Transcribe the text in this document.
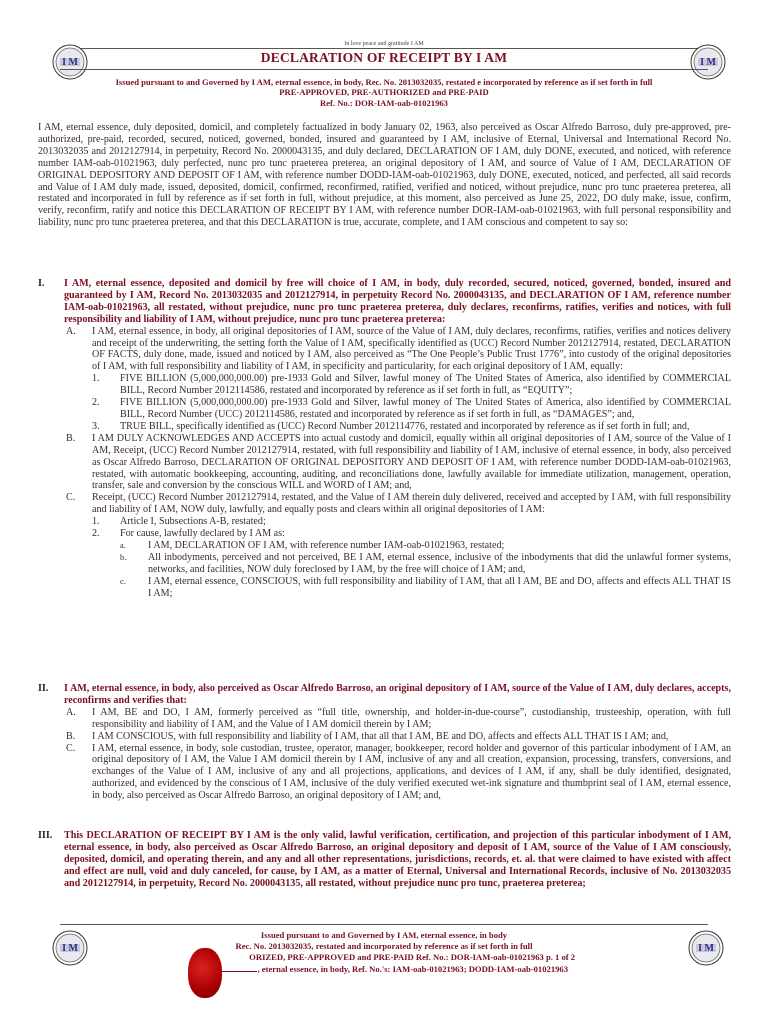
In love peace and gratitude I AM
I M	I M
DECLARATION OF RECEIPT BY I AM
Issued pursuant to and Governed by I AM, eternal essence, in body, Rec. No. 2013032035, restated e incorporated by reference as if set forth in full
PRE-APPROVED, PRE-AUTHORIZED and PRE-PAID
Ref. No.: DOR-IAM-oab-01021963
I AM, eternal essence, duly deposited, domicil, and completely factualized in body January 02, 1963, also perceived as Oscar Alfredo Barroso, duly pre-approved, pre-authorized, pre-paid, recorded, secured, noticed, governed, bonded, insured and guaranteed by I AM, inclusive of Eternal, Universal and International Record No. 2013032035 and 2012127914, in perpetuity, Record No. 2000043135, and duly declared, DECLARATION OF I AM, duly DONE, executed, and noticed, with reference number IAM-oab-01021963, duly perfected, nunc pro tunc praeterea preterea, an original depository of I AM, and source of Value of I AM, DECLARATION OF ORIGINAL DEPOSITORY AND DEPOSIT OF I AM, with reference number DODD-IAM-oab-01021963, duly DONE, executed, noticed, and perfected, all said records and Value of I AM duly made, issued, deposited, domicil, confirmed, reconfirmed, ratified, verified and noticed, without prejudice, nunc pro tunc praeterea preterea, all restated and incorporated in full by reference as if set forth in full, without prejudice, at this moment, also perceived as June 25, 2022, DO duly make, issue, confirm, verify, reconfirm, ratify and notice this DECLARATION OF RECEIPT BY I AM, with reference number DOR-IAM-oab-01021963, with full personal responsibility and liability, nunc pro tunc praeterea preterea, and that this DECLARATION is true, accurate, complete, and I AM conscious and competent to say so:
I. I AM, eternal essence, deposited and domicil by free will choice of I AM, in body, duly recorded, secured, noticed, governed, bonded, insured and guaranteed by I AM, Record No. 2013032035 and 2012127914, in perpetuity Record No. 2000043135, and DECLARATION OF I AM, reference number IAM-oab-01021963, all restated, without prejudice, nunc pro tunc praeterea preterea, duly declares, reconfirms, ratifies, verifies and notices, with full responsibility and liability of I AM, without prejudice, nunc pro tunc praeterea preterea:
A. I AM, eternal essence, in body, all original depositories of I AM, source of the Value of I AM, duly declares, reconfirms, ratifies, verifies and notices delivery and receipt of the underwriting, the setting forth the Value of I AM, specifically identified as (UCC) Record Number 2012127914, restated, DECLARATION OF FACTS, duly done, made, issued and noticed by I AM, also perceived as “The One People’s Public Trust 1776”, into custody of the original depositories of I AM, with full responsibility and liability of I AM, in specificity and particularity, for each original depository of I AM, equally:
1. FIVE BILLION (5,000,000,000.00) pre-1933 Gold and Silver, lawful money of The United States of America, also identified by COMMERCIAL BILL, Record Number 2012114586, restated and incorporated by reference as if set forth in full, as “EQUITY”;
2. FIVE BILLION (5,000,000,000.00) pre-1933 Gold and Silver, lawful money of The United States of America, also identified by COMMERCIAL BILL, Record Number (UCC) 2012114586, restated and incorporated by reference as if set forth in full, as “DAMAGES”; and,
3. TRUE BILL, specifically identified as (UCC) Record Number 2012114776, restated and incorporated by reference as if set forth in full; and,
B. I AM DULY ACKNOWLEDGES AND ACCEPTS into actual custody and domicil, equally within all original depositories of I AM, source of the Value of I AM, Receipt, (UCC) Record Number 2012127914, restated, with full responsibility and liability of I AM, inclusive of eternal essence, in body, also perceived as Oscar Alfredo Barroso, DECLARATION OF ORIGINAL DEPOSITORY AND DEPOSIT OF I AM, with reference number DODD-IAM-oab-01021963, restated, with automatic bookkeeping, accounting, auditing, and reconciliations done, lawfully available for immediate utilization, management, operation, transfer, sale and conversion by the conscious WILL and WORD of I AM; and,
C. Receipt, (UCC) Record Number 2012127914, restated, and the Value of I AM therein duly delivered, received and accepted by I AM, with full responsibility and liability of I AM, NOW duly, lawfully, and equally posts and clears within all original depositories of I AM:
1. Article I, Subsections A-B, restated;
2. For cause, lawfully declared by I AM as:
a. I AM, DECLARATION OF I AM, with reference number IAM-oab-01021963, restated;
b. All inbodyments, perceived and not perceived, BE I AM, eternal essence, inclusive of the inbodyments that did the unlawful former systems, networks, and facilities, NOW duly foreclosed by I AM, by the free will choice of I AM; and,
c. I AM, eternal essence, CONSCIOUS, with full responsibility and liability of I AM, that all I AM, BE and DO, affects and effects ALL THAT IS I AM;
II. I AM, eternal essence, in body, also perceived as Oscar Alfredo Barroso, an original depository of I AM, source of the Value of I AM, duly declares, accepts, reconfirms and verifies that:
A. I AM, BE and DO, I AM, formerly perceived as “full title, ownership, and holder-in-due-course”, custodianship, trusteeship, operation, with full responsibility and liability of I AM, and the Value of I AM domicil therein by I AM;
B. I AM CONSCIOUS, with full responsibility and liability of I AM, that all that I AM, BE and DO, affects and effects ALL THAT IS I AM; and,
C. I AM, eternal essence, in body, sole custodian, trustee, operator, manager, bookkeeper, record holder and governor of this particular inbodyment of I AM, an original depository of I AM, the Value I AM domicil therein by I AM, inclusive of any and all creation, expansion, processing, transfers, conversions, and exchanges of the Value of I AM, inclusive of any and all projections, applications, and devices of I AM, if any, shall be duly identified, designated, authorized, and evidenced by the conscious of I AM, inclusive of the duly verified executed wet-ink signature and thumbprint seal of I AM, eternal essence, in body, also perceived as Oscar Alfredo Barroso, an original depository of I AM; and,
III. This DECLARATION OF RECEIPT BY I AM is the only valid, lawful verification, certification, and projection of this particular inbodyment of I AM, eternal essence, in body, also perceived as Oscar Alfredo Barroso, an original depository and deposit of I AM, source of the Value of I AM consciously, deposited, domicil, and operating therein, and any and all other representations, jurisdictions, records, et. al. that were claimed to have existed with affect and effect are null, void and duly canceled, for cause, by I AM, as a matter of Eternal, Universal and International Records, inclusive of No. 2013032035 and 2012127914, in perpetuity, Record No. 2000043135, all restated, without prejudice nunc pro tunc, praeterea preterea;
I M	I M
Issued pursuant to and Governed by I AM, eternal essence, in body
Rec. No. 2013032035, restated and incorporated by reference as if set forth in full
ORIZED, PRE-APPROVED and PRE-PAID Ref. No.: DOR-IAM-oab-01021963 p. 1 of 2
, eternal essence, in body, Ref. No.'s: IAM-oab-01021963; DODD-IAM-oab-01021963
